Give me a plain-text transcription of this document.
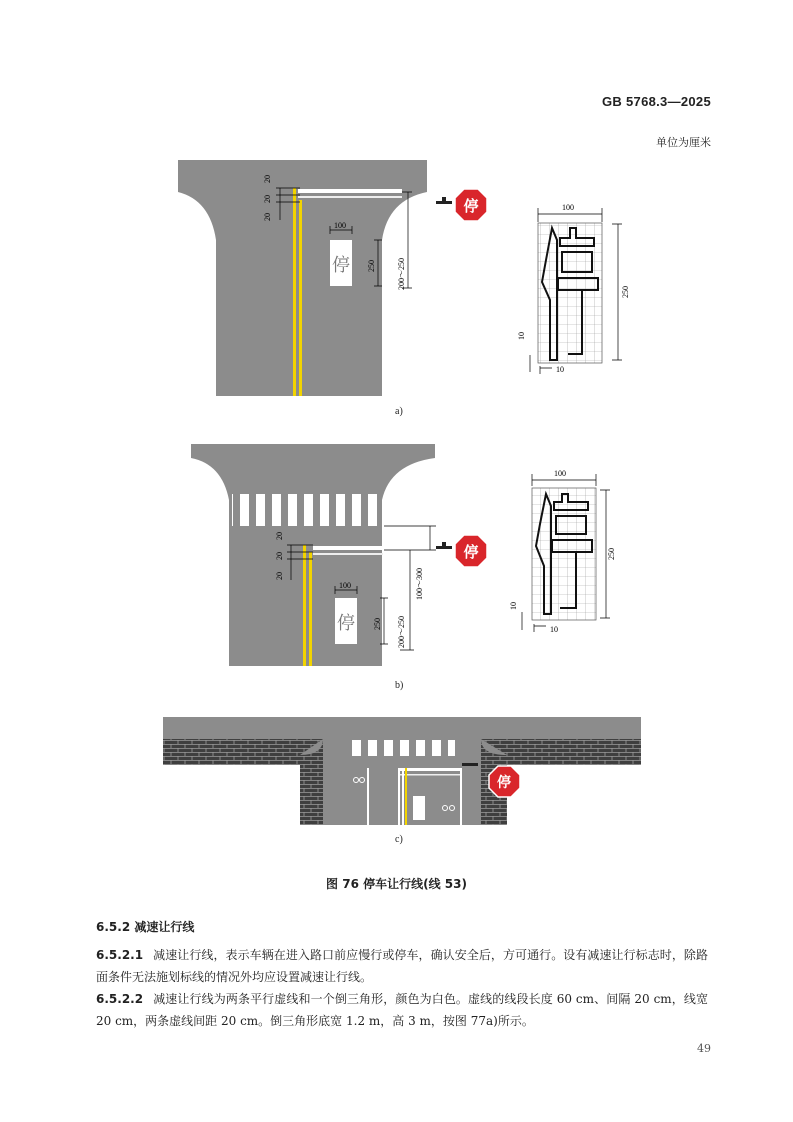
GB 5768.3—2025
单位为厘米
停
20
20
20
100
250	200～250
停	100
250
10
10
停
20
20
20
100
250
100～300
200～250
停
100
250
10
10
停
a)
b)
c)
图 76 停车让行线(线 53)
6.5.2 减速让行线
6.5.2.1 减速让行线，表示车辆在进入路口前应慢行或停车，确认安全后，方可通行。设有减速让行标志时，除路面条件无法施划标线的情况外均应设置减速让行线。
6.5.2.2 减速让行线为两条平行虚线和一个倒三角形，颜色为白色。虚线的线段长度 60 cm、间隔 20 cm，线宽 20 cm，两条虚线间距 20 cm。倒三角形底宽 1.2 m，高 3 m，按图 77a)所示。
49
